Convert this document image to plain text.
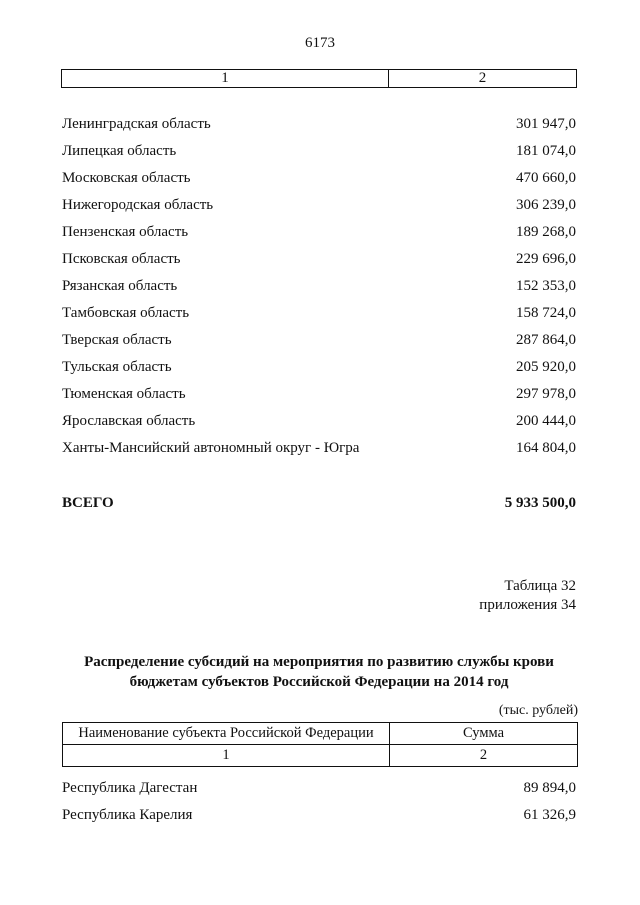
6173
1	2
Ленинградская область	301 947,0
Липецкая область	181 074,0
Московская область	470 660,0
Нижегородская область	306 239,0
Пензенская область	189 268,0
Псковская область	229 696,0
Рязанская область	152 353,0
Тамбовская область	158 724,0
Тверская область	287 864,0
Тульская область	205 920,0
Тюменская область	297 978,0
Ярославская область	200 444,0
Ханты-Мансийский автономный округ - Югра	164 804,0
ВСЕГО	5 933 500,0
Таблица 32
приложения 34
Распределение субсидий на мероприятия по развитию службы крови
бюджетам субъектов Российской Федерации на 2014 год
(тыс. рублей)
Наименование субъекта Российской Федерации	Сумма
1	2
Республика Дагестан	89 894,0
Республика Карелия	61 326,9
